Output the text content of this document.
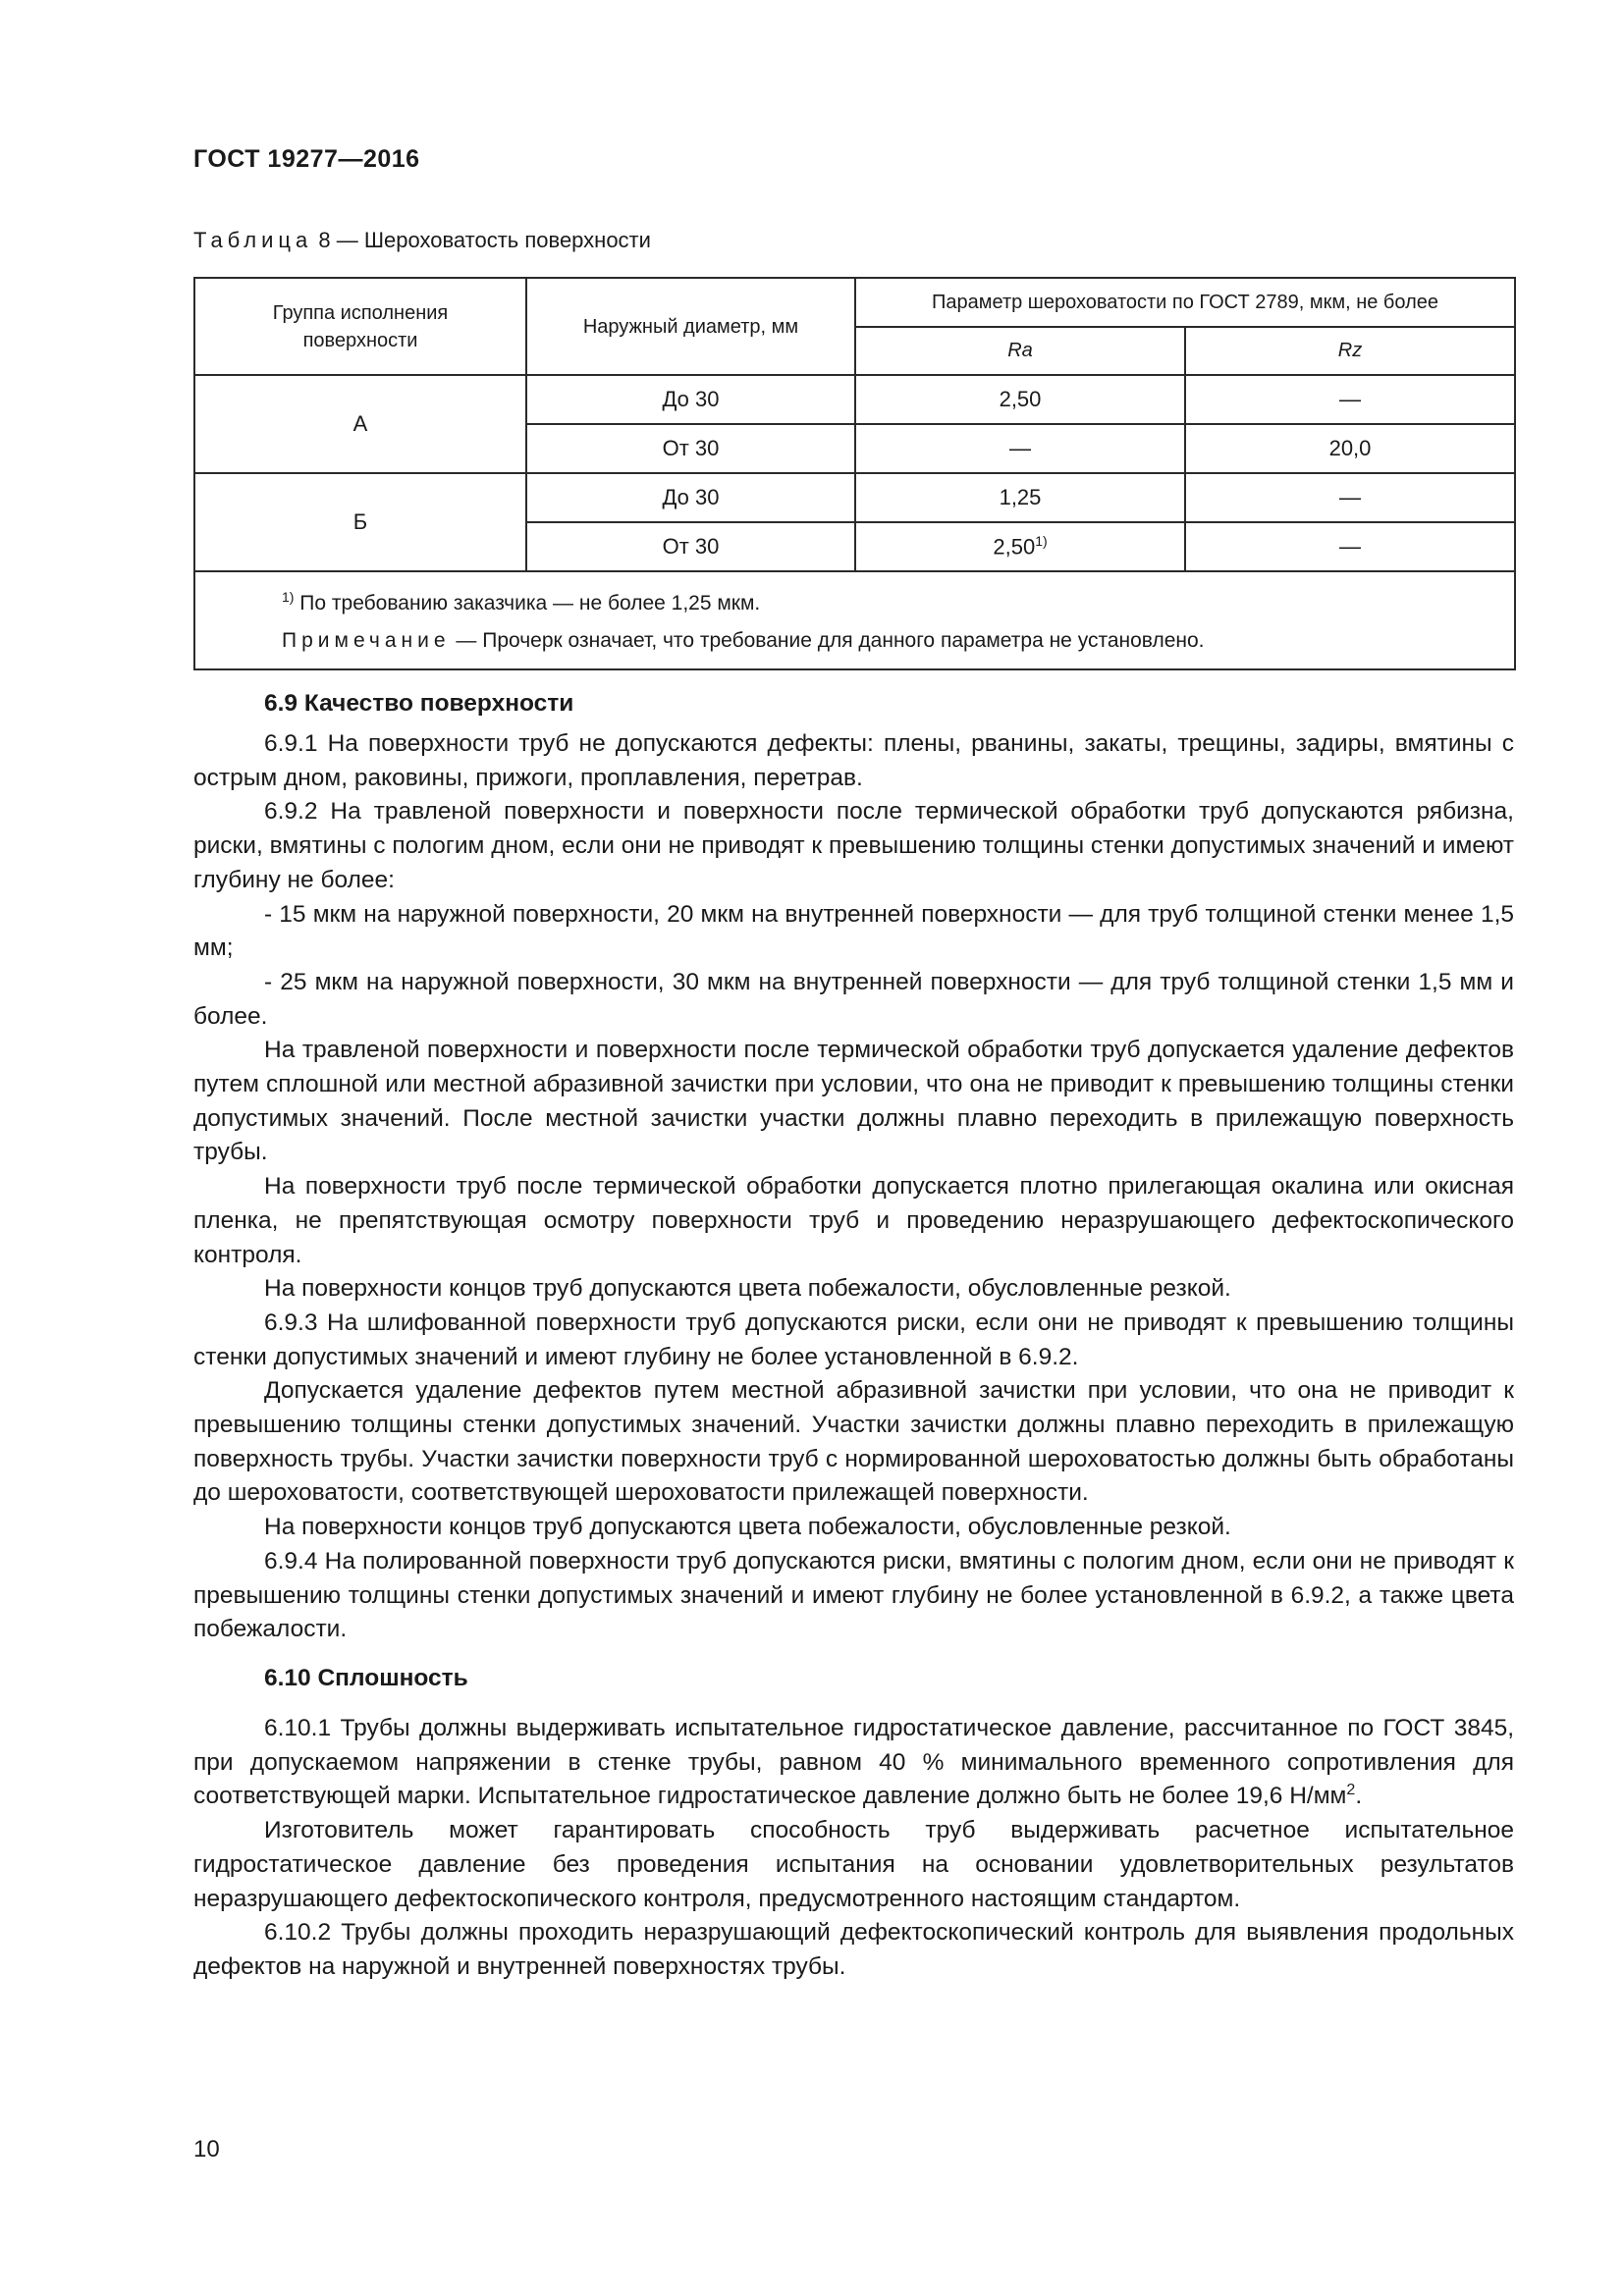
ГОСТ 19277—2016
Таблица 8 — Шероховатость поверхности
Группа исполнения поверхности	Наружный диаметр, мм	Параметр шероховатости по ГОСТ 2789, мкм, не более	
		Ra	Rz
А	До 30	2,50	—
	От 30	—	20,0
Б	До 30	1,25	—
	От 30	2,50$^{1)}$	—

$^{1)}$ По требованию заказчика — не более 1,25 мкм.
Примечание — Прочерк означает, что требование для данного параметра не установлено.			
6.9 Качество поверхности

6.9.1 На поверхности труб не допускаются дефекты: плены, рванины, закаты, трещины, задиры, вмятины с острым дном, раковины, прижоги, проплавления, перетрав.

6.9.2 На травленой поверхности и поверхности после термической обработки труб допускаются рябизна, риски, вмятины с пологим дном, если они не приводят к превышению толщины стенки допустимых значений и имеют глубину не более:

- 15 мкм на наружной поверхности, 20 мкм на внутренней поверхности — для труб толщиной стенки менее 1,5 мм;

- 25 мкм на наружной поверхности, 30 мкм на внутренней поверхности — для труб толщиной стенки 1,5 мм и более.

На травленой поверхности и поверхности после термической обработки труб допускается удаление дефектов путем сплошной или местной абразивной зачистки при условии, что она не приводит к превышению толщины стенки допустимых значений. После местной зачистки участки должны плавно переходить в прилежащую поверхность трубы.

На поверхности труб после термической обработки допускается плотно прилегающая окалина или окисная пленка, не препятствующая осмотру поверхности труб и проведению неразрушающего дефектоскопического контроля.

На поверхности концов труб допускаются цвета побежалости, обусловленные резкой.

6.9.3 На шлифованной поверхности труб допускаются риски, если они не приводят к превышению толщины стенки допустимых значений и имеют глубину не более установленной в 6.9.2.

Допускается удаление дефектов путем местной абразивной зачистки при условии, что она не приводит к превышению толщины стенки допустимых значений. Участки зачистки должны плавно переходить в прилежащую поверхность трубы. Участки зачистки поверхности труб с нормированной шероховатостью должны быть обработаны до шероховатости, соответствующей шероховатости прилежащей поверхности.

На поверхности концов труб допускаются цвета побежалости, обусловленные резкой.

6.9.4 На полированной поверхности труб допускаются риски, вмятины с пологим дном, если они не приводят к превышению толщины стенки допустимых значений и имеют глубину не более установленной в 6.9.2, а также цвета побежалости.

6.10 Сплошность

6.10.1 Трубы должны выдерживать испытательное гидростатическое давление, рассчитанное по ГОСТ 3845, при допускаемом напряжении в стенке трубы, равном 40 % минимального временного сопротивления для соответствующей марки. Испытательное гидростатическое давление должно быть не более 19,6 $Н/мм^2$.

Изготовитель может гарантировать способность труб выдерживать расчетное испытательное гидростатическое давление без проведения испытания на основании удовлетворительных результатов неразрушающего дефектоскопического контроля, предусмотренного настоящим стандартом.

6.10.2 Трубы должны проходить неразрушающий дефектоскопический контроль для выявления продольных дефектов на наружной и внутренней поверхностях трубы.

10
